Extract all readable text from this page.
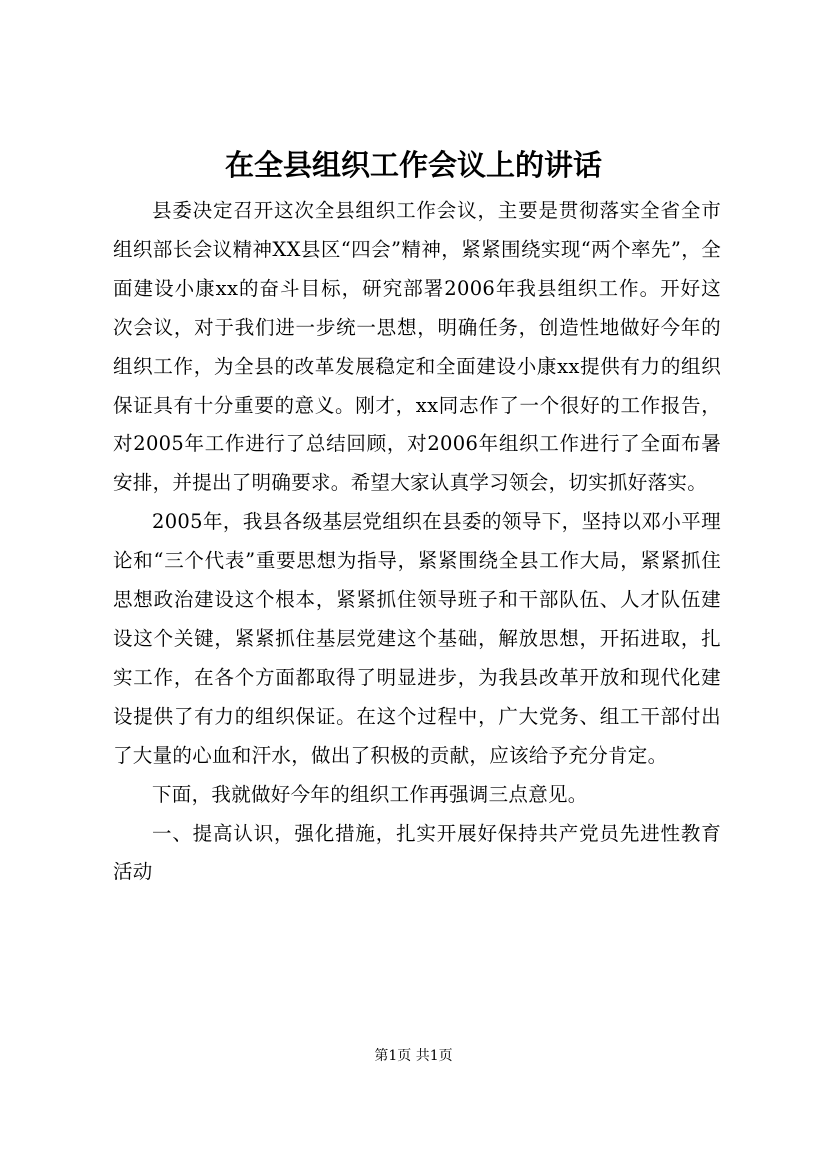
在全县组织工作会议上的讲话

县委决定召开这次全县组织工作会议，主要是贯彻落实全省全市组织部长会议精神XX县区“四会”精神，紧紧围绕实现“两个率先”，全面建设小康xx的奋斗目标，研究部署2006年我县组织工作。开好这次会议，对于我们进一步统一思想，明确任务，创造性地做好今年的组织工作，为全县的改革发展稳定和全面建设小康xx提供有力的组织保证具有十分重要的意义。刚才，xx同志作了一个很好的工作报告，对2005年工作进行了总结回顾，对2006年组织工作进行了全面布暑安排，并提出了明确要求。希望大家认真学习领会，切实抓好落实。

2005年，我县各级基层党组织在县委的领导下，坚持以邓小平理论和“三个代表”重要思想为指导，紧紧围绕全县工作大局，紧紧抓住思想政治建设这个根本，紧紧抓住领导班子和干部队伍、人才队伍建设这个关键，紧紧抓住基层党建这个基础，解放思想，开拓进取，扎实工作，在各个方面都取得了明显进步，为我县改革开放和现代化建设提供了有力的组织保证。在这个过程中，广大党务、组工干部付出了大量的心血和汗水，做出了积极的贡献，应该给予充分肯定。

下面，我就做好今年的组织工作再强调三点意见。

一、提高认识，强化措施，扎实开展好保持共产党员先进性教育活动

第1页 共1页
